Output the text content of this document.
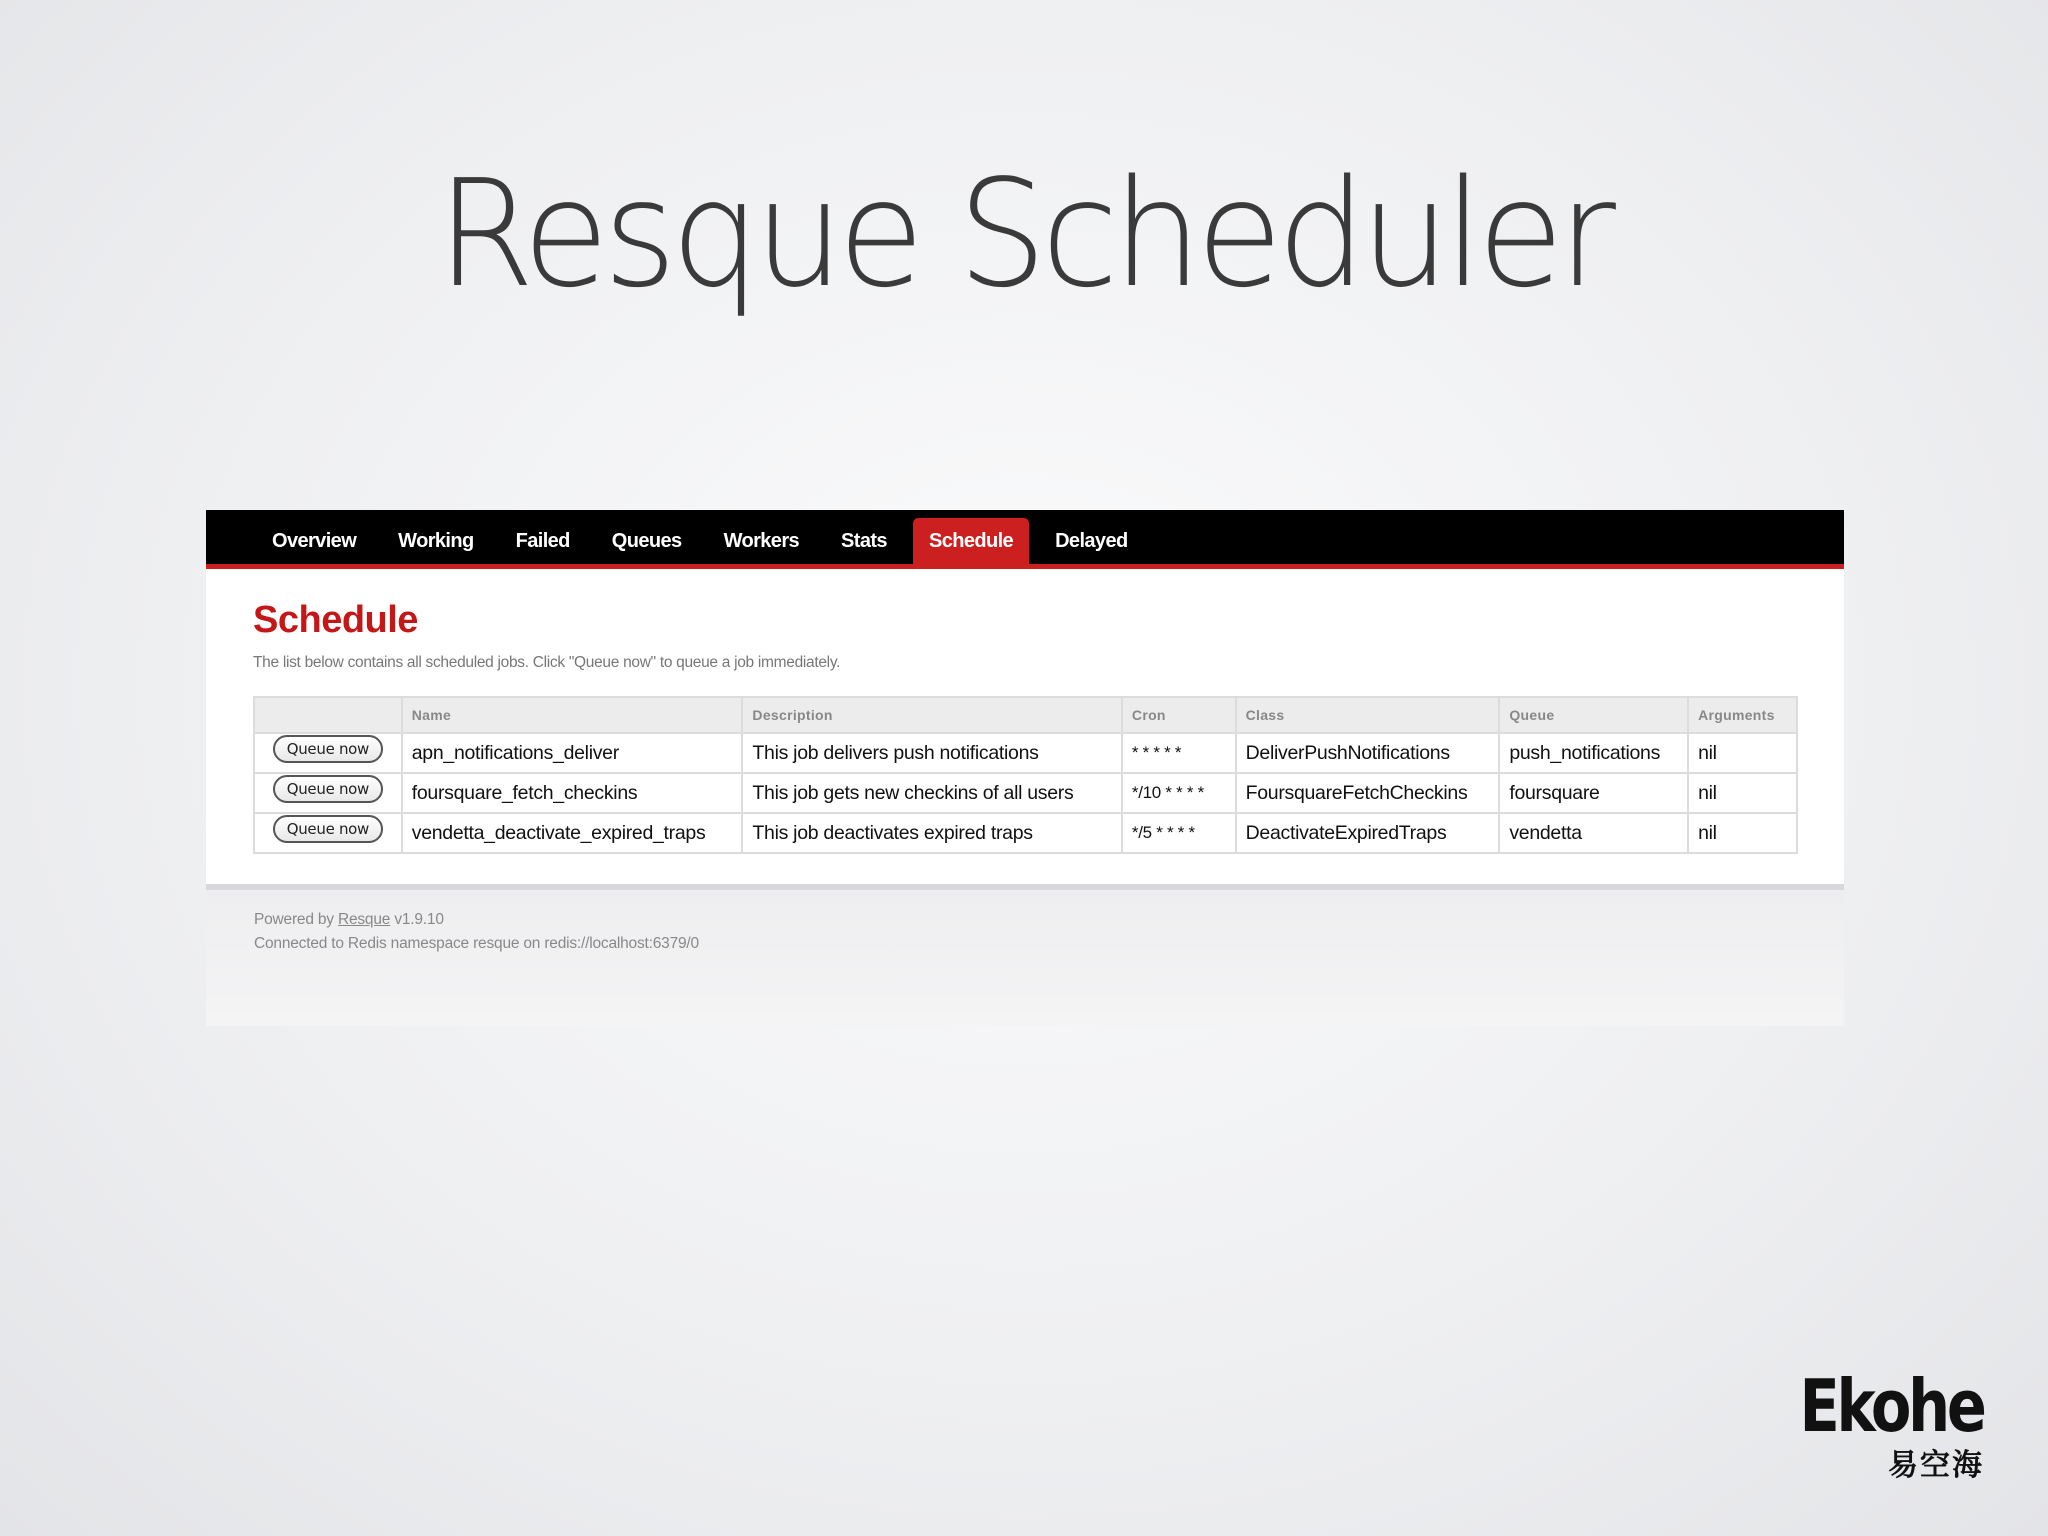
Resque Scheduler
Overview	Working	Failed	Queues	Workers	Stats	Schedule	Delayed
Schedule

The list below contains all scheduled jobs. Click "Queue now" to queue a job immediately.

	Name	Description	Cron	Class	Queue	Arguments
Queue now	apn_notifications_deliver	This job delivers push notifications	* * * * *	DeliverPushNotifications	push_notifications	nil
Queue now	foursquare_fetch_checkins	This job gets new checkins of all users	*/10 * * * *	FoursquareFetchCheckins	foursquare	nil
Queue now	vendetta_deactivate_expired_traps	This job deactivates expired traps	*/5 * * * *	DeactivateExpiredTraps	vendetta	nil
Powered by Resque v1.9.10
Connected to Redis namespace resque on redis://localhost:6379/0
Ekohe
易空海
